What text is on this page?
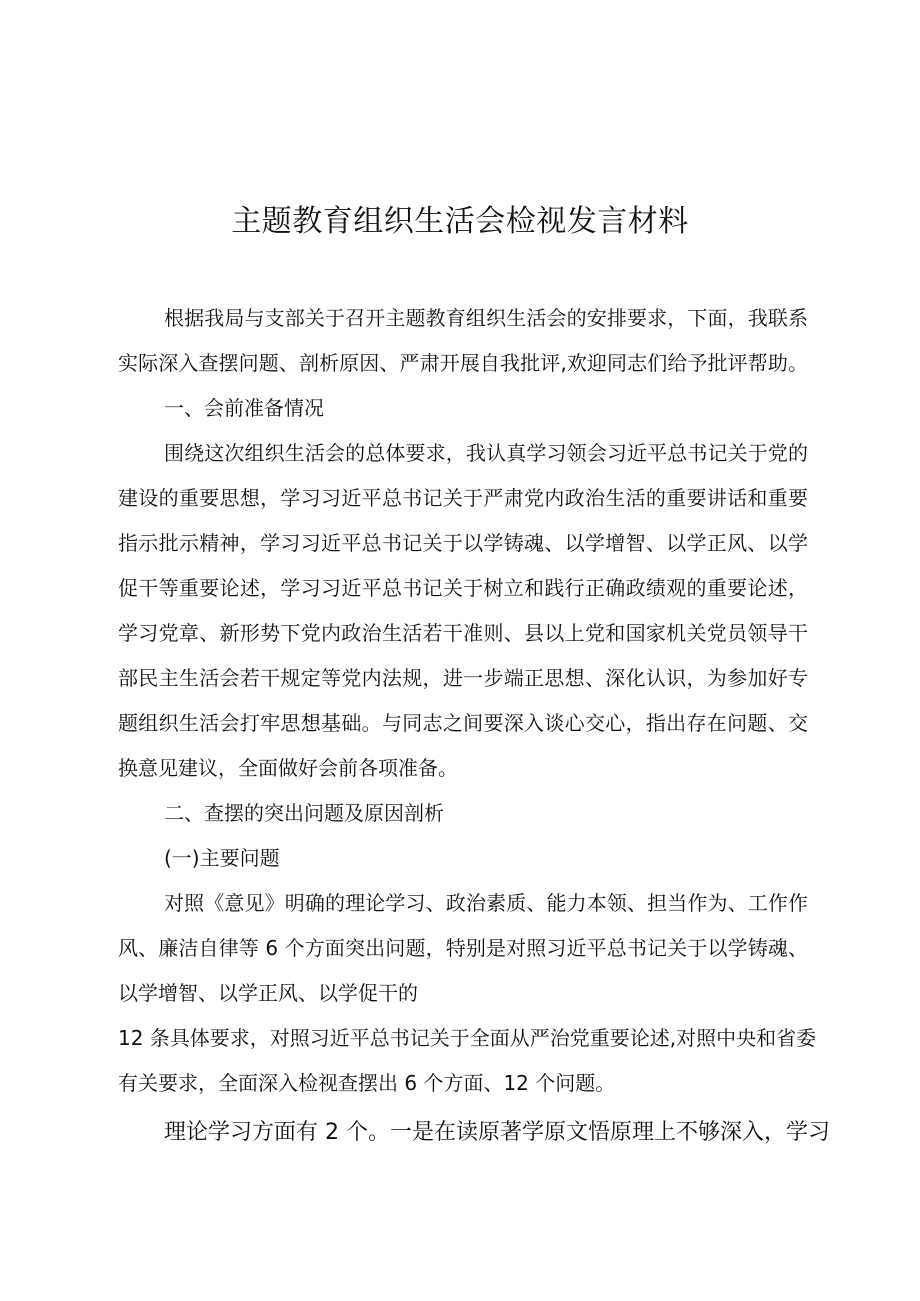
主题教育组织生活会检视发言材料
根据我局与支部关于召开主题教育组织生活会的安排要求，下面，我联系
实际深入查摆问题、剖析原因、严肃开展自我批评,欢迎同志们给予批评帮助。
一、会前准备情况
围绕这次组织生活会的总体要求，我认真学习领会习近平总书记关于党的
建设的重要思想，学习习近平总书记关于严肃党内政治生活的重要讲话和重要
指示批示精神，学习习近平总书记关于以学铸魂、以学增智、以学正风、以学
促干等重要论述，学习习近平总书记关于树立和践行正确政绩观的重要论述，
学习党章、新形势下党内政治生活若干准则、县以上党和国家机关党员领导干
部民主生活会若干规定等党内法规，进一步端正思想、深化认识，为参加好专
题组织生活会打牢思想基础。与同志之间要深入谈心交心，指出存在问题、交
换意见建议，全面做好会前各项准备。
二、查摆的突出问题及原因剖析
(一)主要问题
对照《意见》明确的理论学习、政治素质、能力本领、担当作为、工作作
风、廉洁自律等 6 个方面突出问题，特别是对照习近平总书记关于以学铸魂、
以学增智、以学正风、以学促干的
12 条具体要求，对照习近平总书记关于全面从严治党重要论述,对照中央和省委
有关要求，全面深入检视查摆出 6 个方面、12 个问题。
理论学习方面有 2 个。一是在读原著学原文悟原理上不够深入，学习
